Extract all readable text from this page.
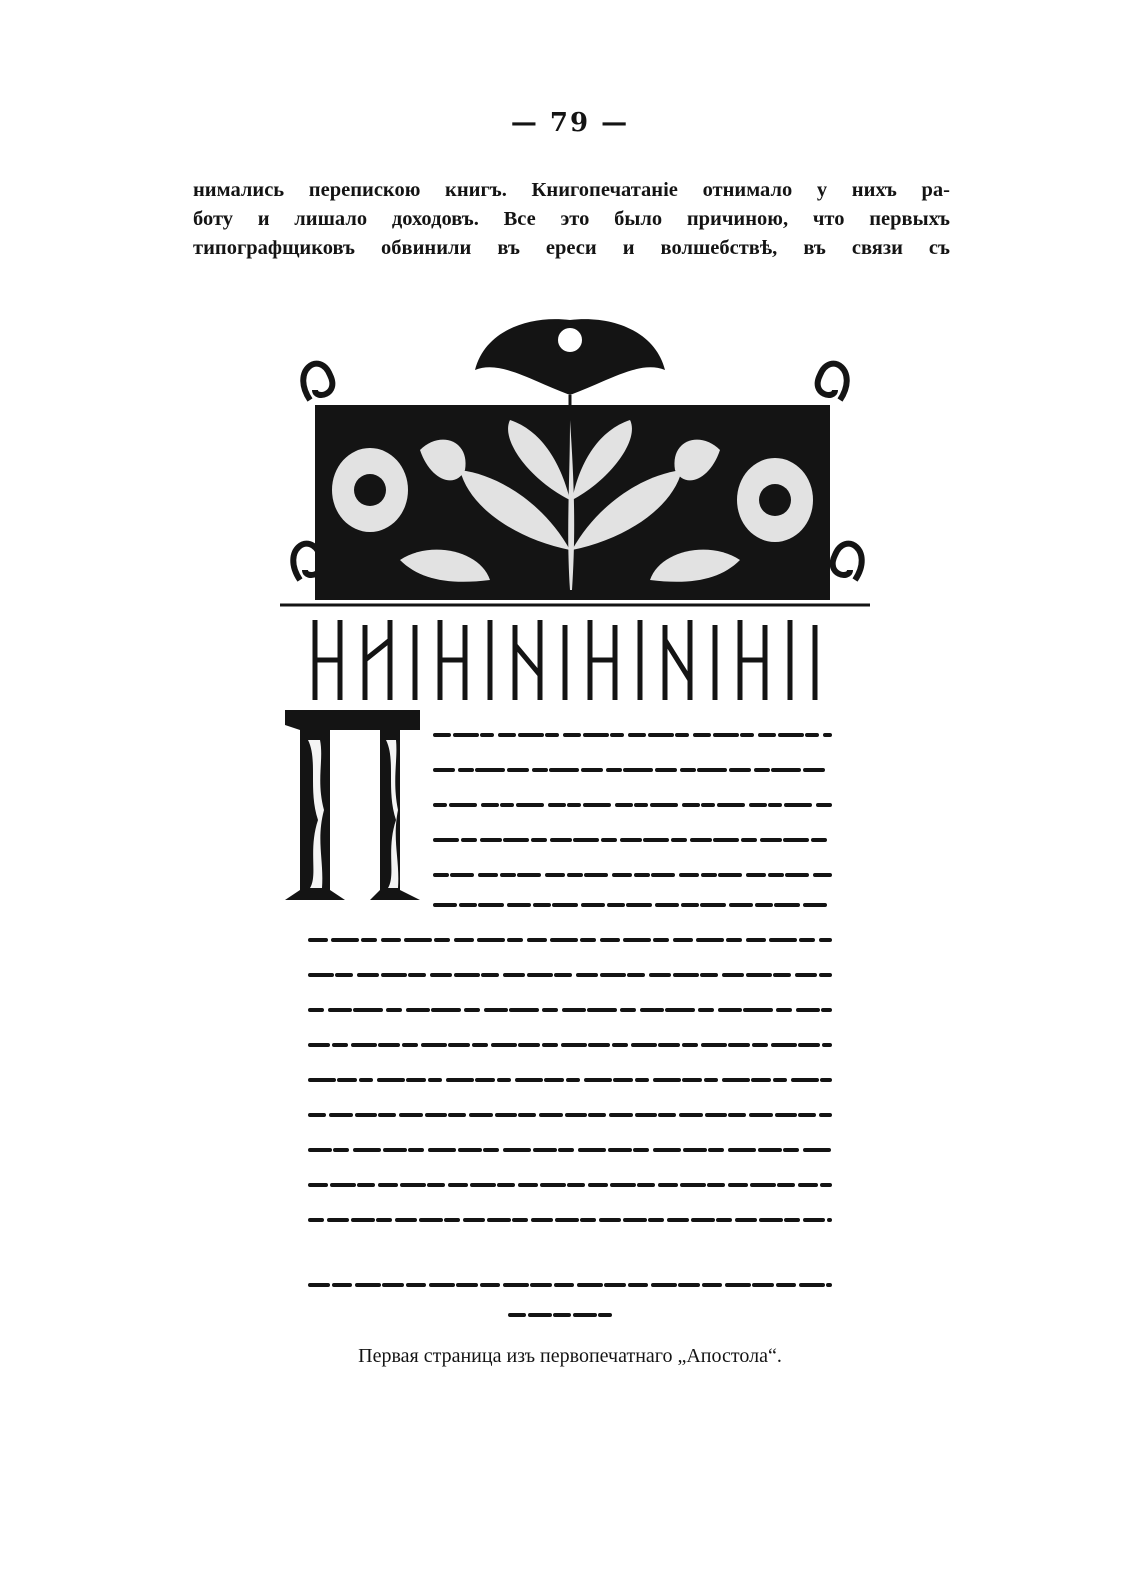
— 79 —
нимались перепискою книгъ. Книгопечатаніе отнимало у нихъ ра-
боту и лишало доходовъ. Все это было причиною, что первыхъ
типографщиковъ обвинили въ ереси и волшебствѣ, въ связи съ
Первая страница изъ первопечатнаго „Апостола“.
